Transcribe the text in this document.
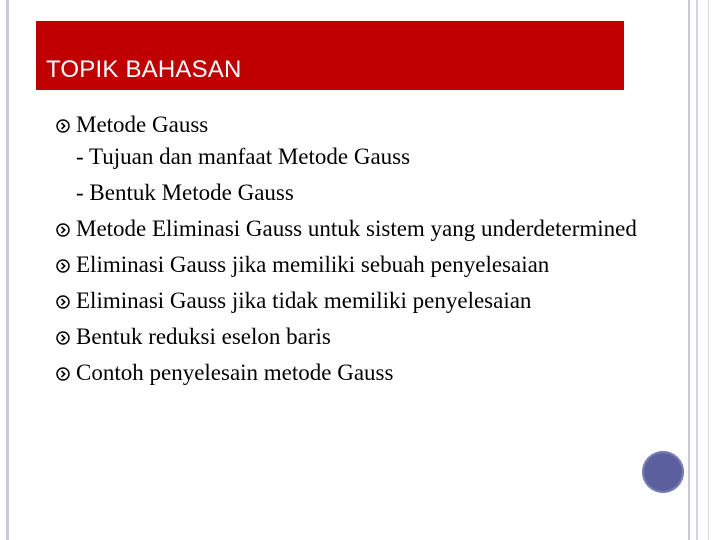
TOPIK BAHASAN
Metode Gauss
- Tujuan dan manfaat Metode Gauss
- Bentuk Metode Gauss
Metode Eliminasi Gauss untuk sistem yang underdetermined
Eliminasi Gauss jika memiliki sebuah penyelesaian
Eliminasi Gauss jika tidak memiliki penyelesaian
Bentuk reduksi eselon baris
Contoh penyelesain metode Gauss
